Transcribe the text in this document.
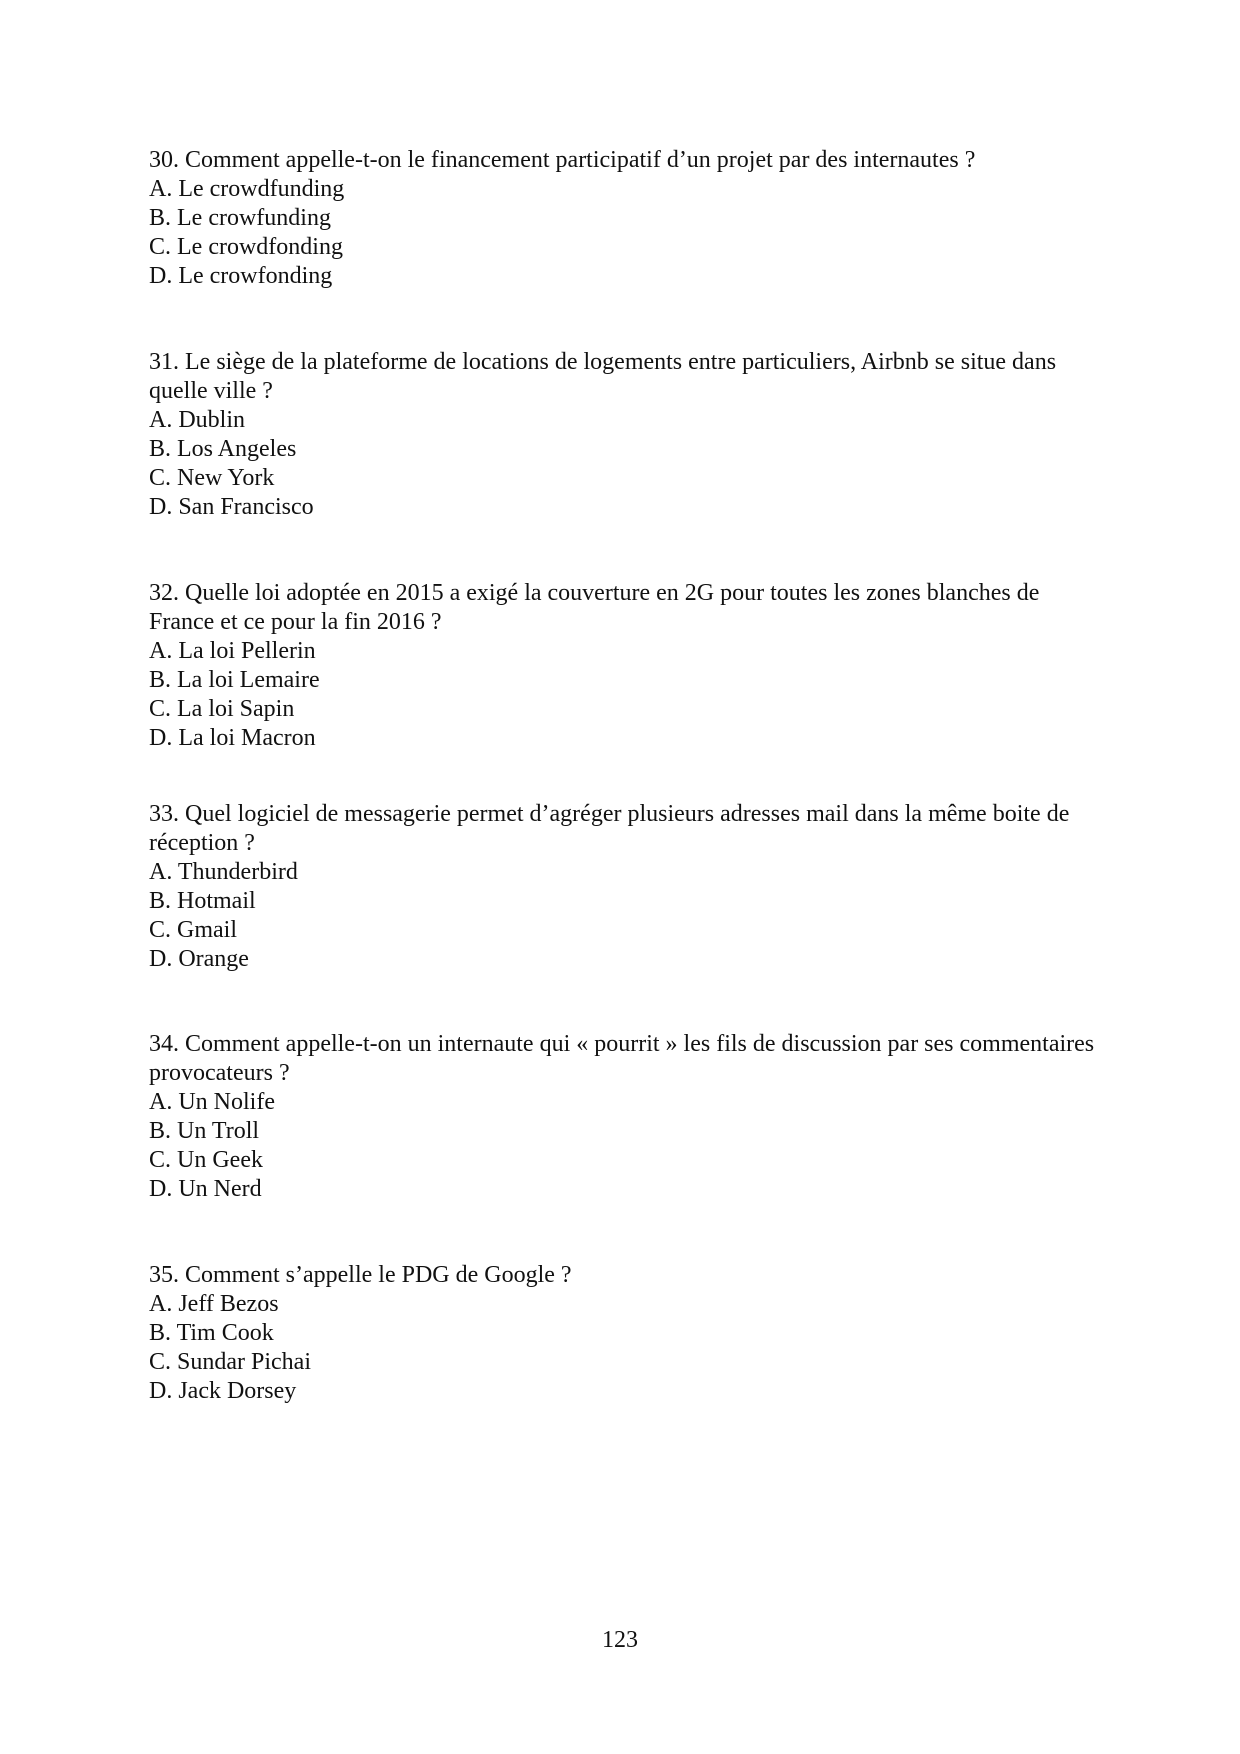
30. Comment appelle-t-on le financement participatif d’un projet par des internautes ?
A. Le crowdfunding
B. Le crowfunding
C. Le crowdfonding
D. Le crowfonding
31. Le siège de la plateforme de locations de logements entre particuliers, Airbnb se situe dans quelle ville ?
A. Dublin
B. Los Angeles
C. New York
D. San Francisco
32. Quelle loi adoptée en 2015 a exigé la couverture en 2G pour toutes les zones blanches de France et ce pour la fin 2016 ?
A. La loi Pellerin
B. La loi Lemaire
C. La loi Sapin
D. La loi Macron
33. Quel logiciel de messagerie permet d’agréger plusieurs adresses mail dans la même boite de réception ?
A. Thunderbird
B. Hotmail
C. Gmail
D. Orange
34. Comment appelle-t-on un internaute qui « pourrit » les fils de discussion par ses commentaires provocateurs ?
A. Un Nolife
B. Un Troll
C. Un Geek
D. Un Nerd
35. Comment s’appelle le PDG de Google ?
A. Jeff Bezos
B. Tim Cook
C. Sundar Pichai
D. Jack Dorsey
123
